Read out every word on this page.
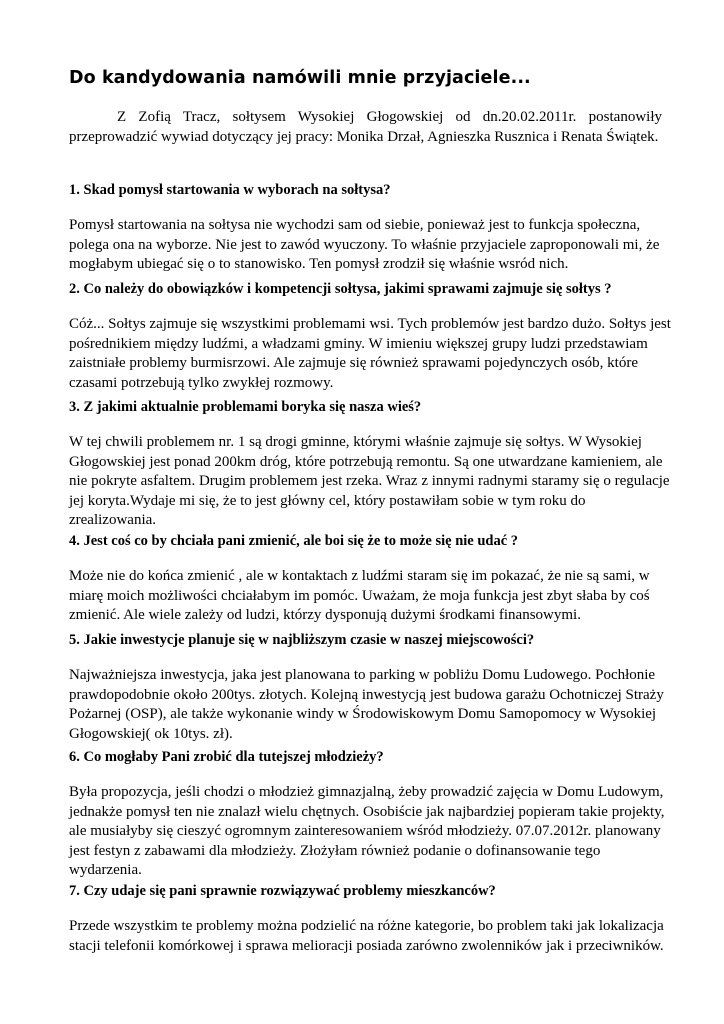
Do kandydowania namówili mnie przyjaciele...

Z Zofią Tracz, sołtysem Wysokiej Głogowskiej od dn.20.02.2011r. postanowiły przeprowadzić wywiad dotyczący jej pracy: Monika Drzał, Agnieszka Rusznica i Renata Świątek.

1. Skad pomysł startowania w wyborach na sołtysa?

Pomysł startowania na sołtysa nie wychodzi sam od siebie, ponieważ jest to funkcja społeczna,
polega ona na wyborze. Nie jest to zawód wyuczony. To właśnie przyjaciele zaproponowali mi, że
mogłabym ubiegać się o to stanowisko. Ten pomysł zrodził się właśnie wsród nich.

2. Co należy do obowiązków i kompetencji sołtysa, jakimi sprawami zajmuje się sołtys ?

Cóż... Sołtys zajmuje się wszystkimi problemami wsi. Tych problemów jest bardzo dużo. Sołtys jest
pośrednikiem między ludźmi, a władzami gminy. W imieniu większej grupy ludzi przedstawiam
zaistniałe problemy burmisrzowi. Ale zajmuje się również sprawami pojedynczych osób, które
czasami potrzebują tylko zwykłej rozmowy.

3. Z jakimi aktualnie problemami boryka się nasza wieś?

W tej chwili problemem nr. 1 są drogi gminne, którymi właśnie zajmuje się sołtys. W Wysokiej
Głogowskiej jest ponad 200km dróg, które potrzebują remontu. Są one utwardzane kamieniem, ale
nie pokryte asfaltem. Drugim problemem jest rzeka. Wraz z innymi radnymi staramy się o regulacje
jej koryta.Wydaje mi się, że to jest główny cel, który postawiłam sobie w tym roku do
zrealizowania.

4. Jest coś co by chciała pani zmienić, ale boi się że to może się nie udać ?

Może nie do końca zmienić , ale w kontaktach z ludźmi staram się im pokazać, że nie są sami, w
miarę moich możliwości chciałabym im pomóc. Uważam, że moja funkcja jest zbyt słaba by coś
zmienić. Ale wiele zależy od ludzi, którzy dysponują dużymi środkami finansowymi.

5. Jakie inwestycje planuje się w najbliższym czasie w naszej miejscowości?

Najważniejsza inwestycja, jaka jest planowana to parking w pobliżu Domu Ludowego. Pochłonie
prawdopodobnie około 200tys. złotych. Kolejną inwestycją jest budowa garażu Ochotniczej Straży
Pożarnej (OSP), ale także wykonanie windy w Środowiskowym Domu Samopomocy w Wysokiej
Głogowskiej( ok 10tys. zł).

6. Co mogłaby Pani zrobić dla tutejszej młodzieży?

Była propozycja, jeśli chodzi o młodzież gimnazjalną, żeby prowadzić zajęcia w Domu Ludowym,
jednakże pomysł ten nie znalazł wielu chętnych. Osobiście jak najbardziej popieram takie projekty,
ale musiałyby się cieszyć ogromnym zainteresowaniem wśród młodzieży. 07.07.2012r. planowany
jest festyn z zabawami dla młodzieży. Złożyłam również podanie o dofinansowanie tego
wydarzenia.

7. Czy udaje się pani sprawnie rozwiązywać problemy mieszkanców?

Przede wszystkim te problemy można podzielić na różne kategorie, bo problem taki jak lokalizacja
stacji telefonii komórkowej i sprawa melioracji posiada zarówno zwolenników jak i przeciwników.
